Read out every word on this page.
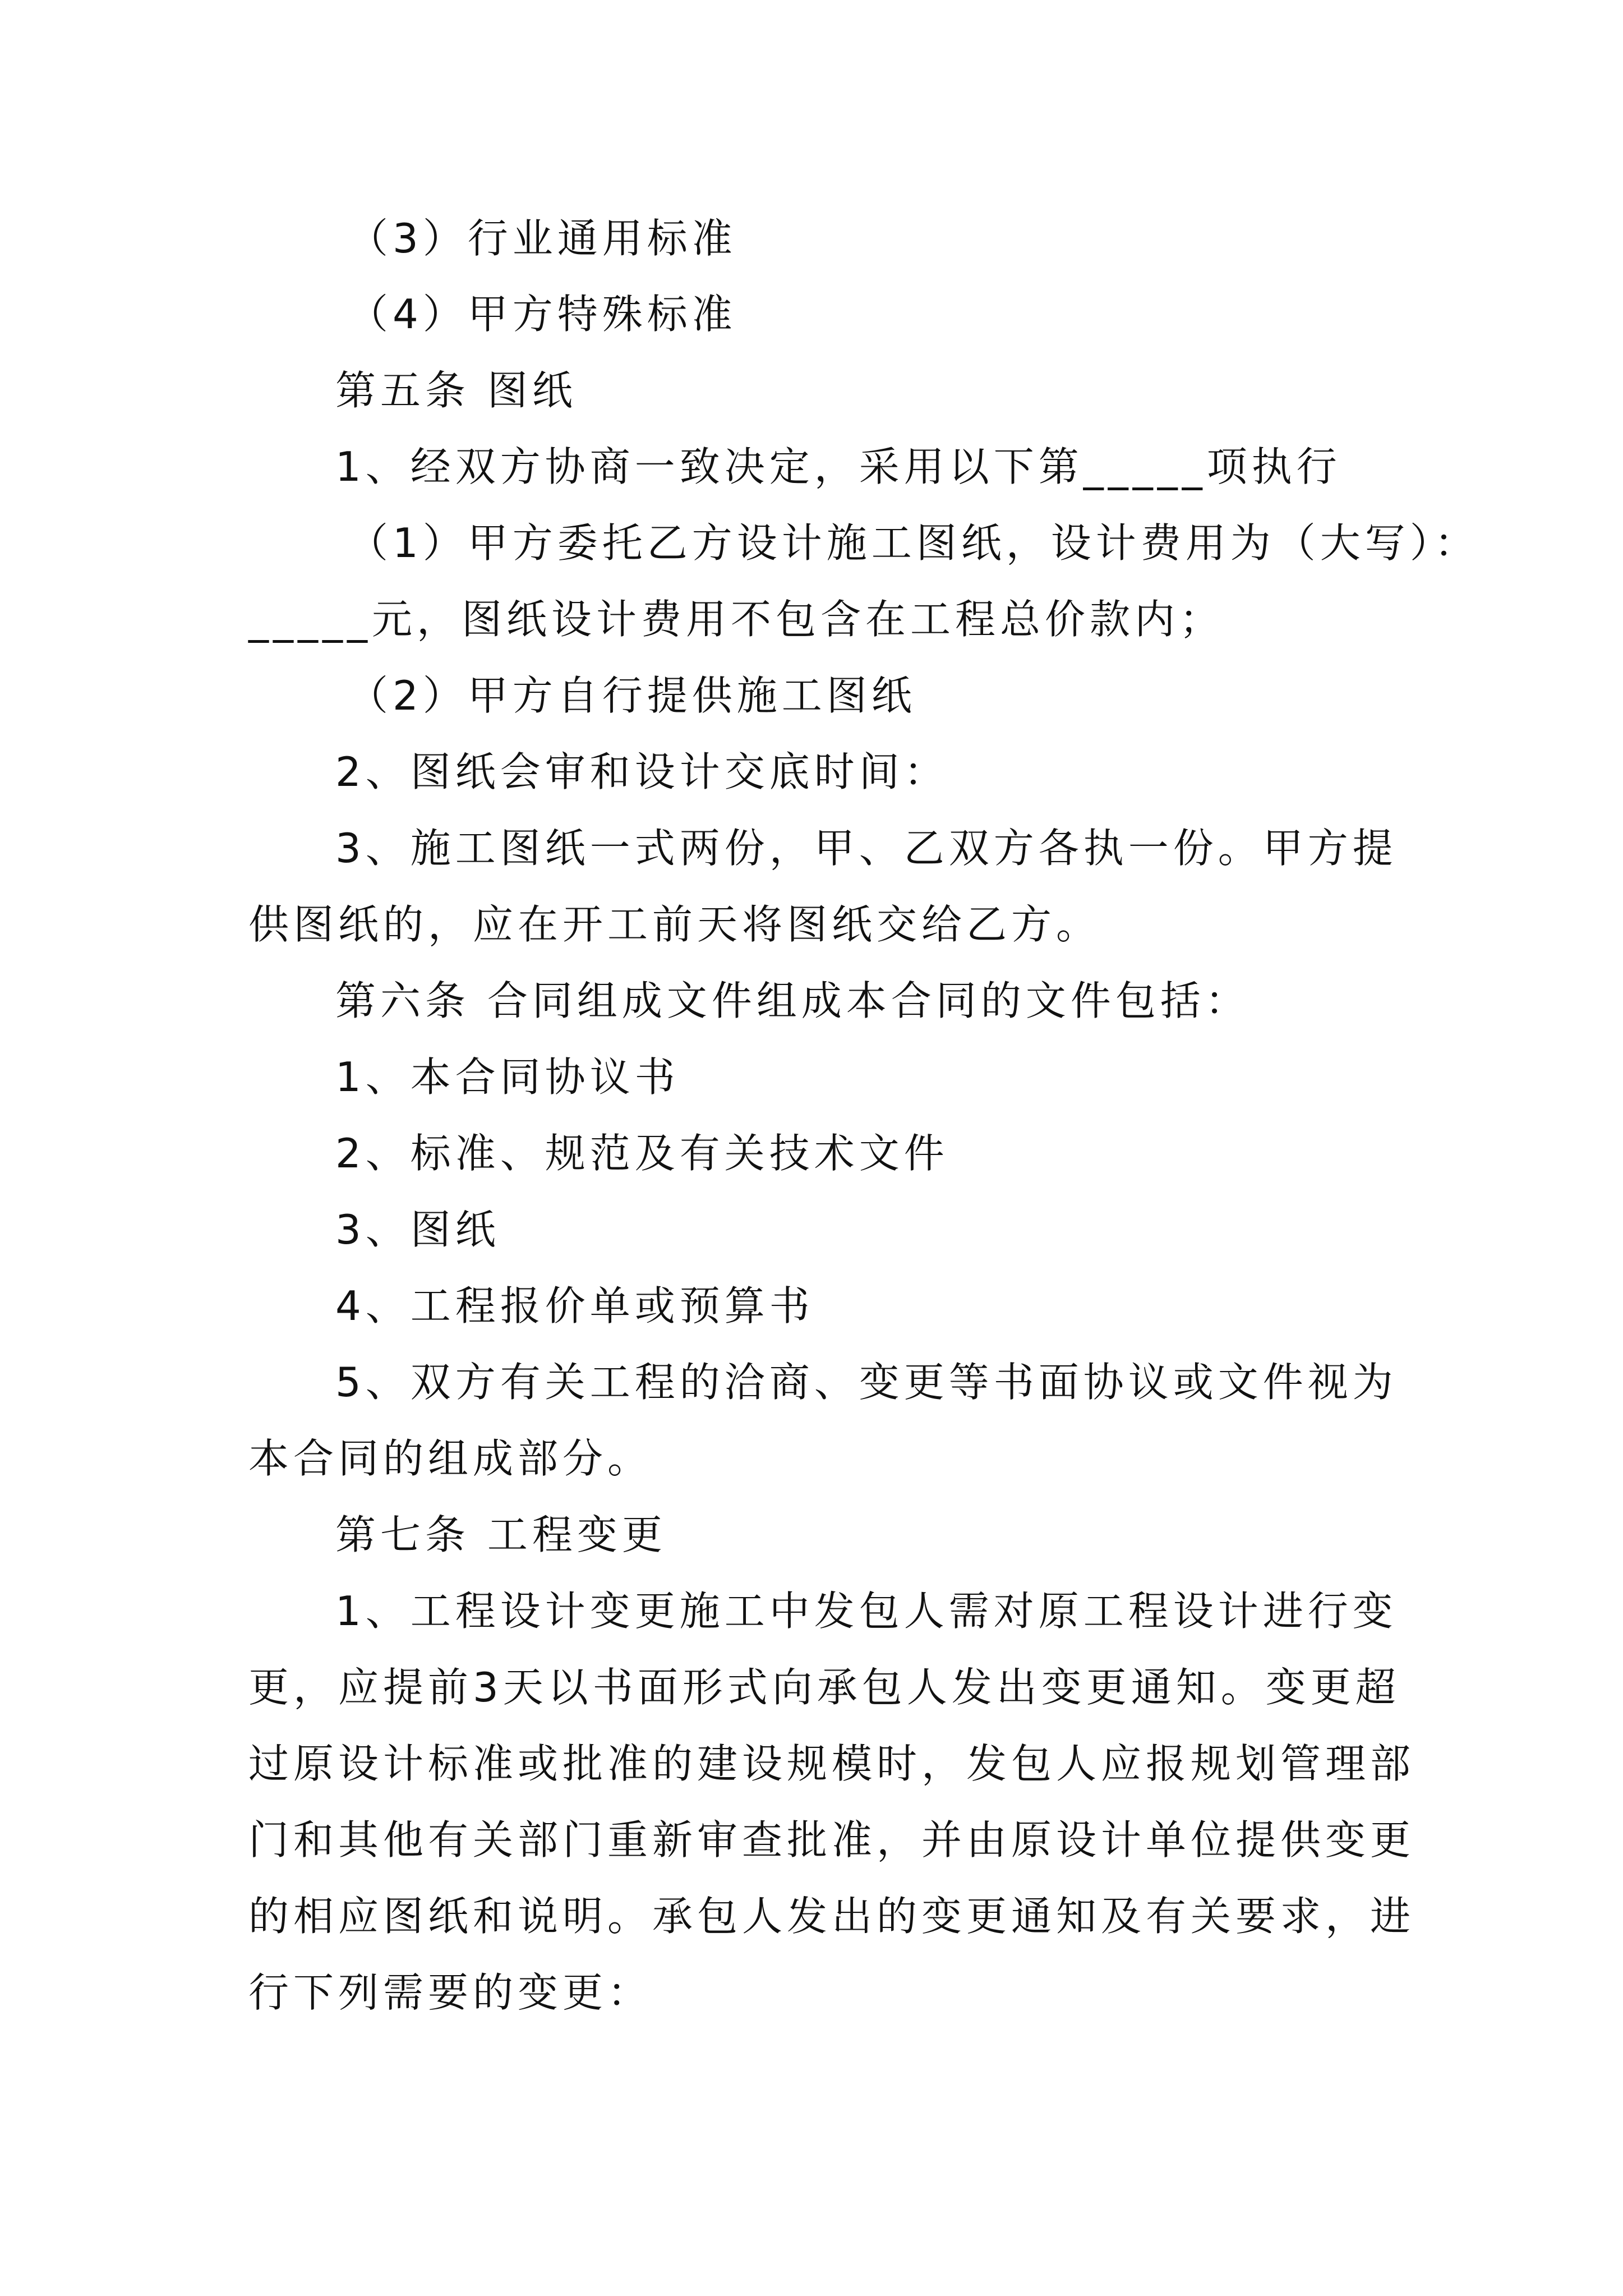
（3）行业通用标准
（4）甲方特殊标准
第五条 图纸
1、经双方协商一致决定，采用以下第_____项执行
（1）甲方委托乙方设计施工图纸，设计费用为（大写）：
_____元，图纸设计费用不包含在工程总价款内；
（2）甲方自行提供施工图纸
2、图纸会审和设计交底时间：
3、施工图纸一式两份，甲、乙双方各执一份。甲方提
供图纸的，应在开工前天将图纸交给乙方。
第六条 合同组成文件组成本合同的文件包括：
1、本合同协议书
2、标准、规范及有关技术文件
3、图纸
4、工程报价单或预算书
5、双方有关工程的洽商、变更等书面协议或文件视为
本合同的组成部分。
第七条 工程变更
1、工程设计变更施工中发包人需对原工程设计进行变
更，应提前3天以书面形式向承包人发出变更通知。变更超
过原设计标准或批准的建设规模时，发包人应报规划管理部
门和其他有关部门重新审查批准，并由原设计单位提供变更
的相应图纸和说明。承包人发出的变更通知及有关要求，进
行下列需要的变更：
